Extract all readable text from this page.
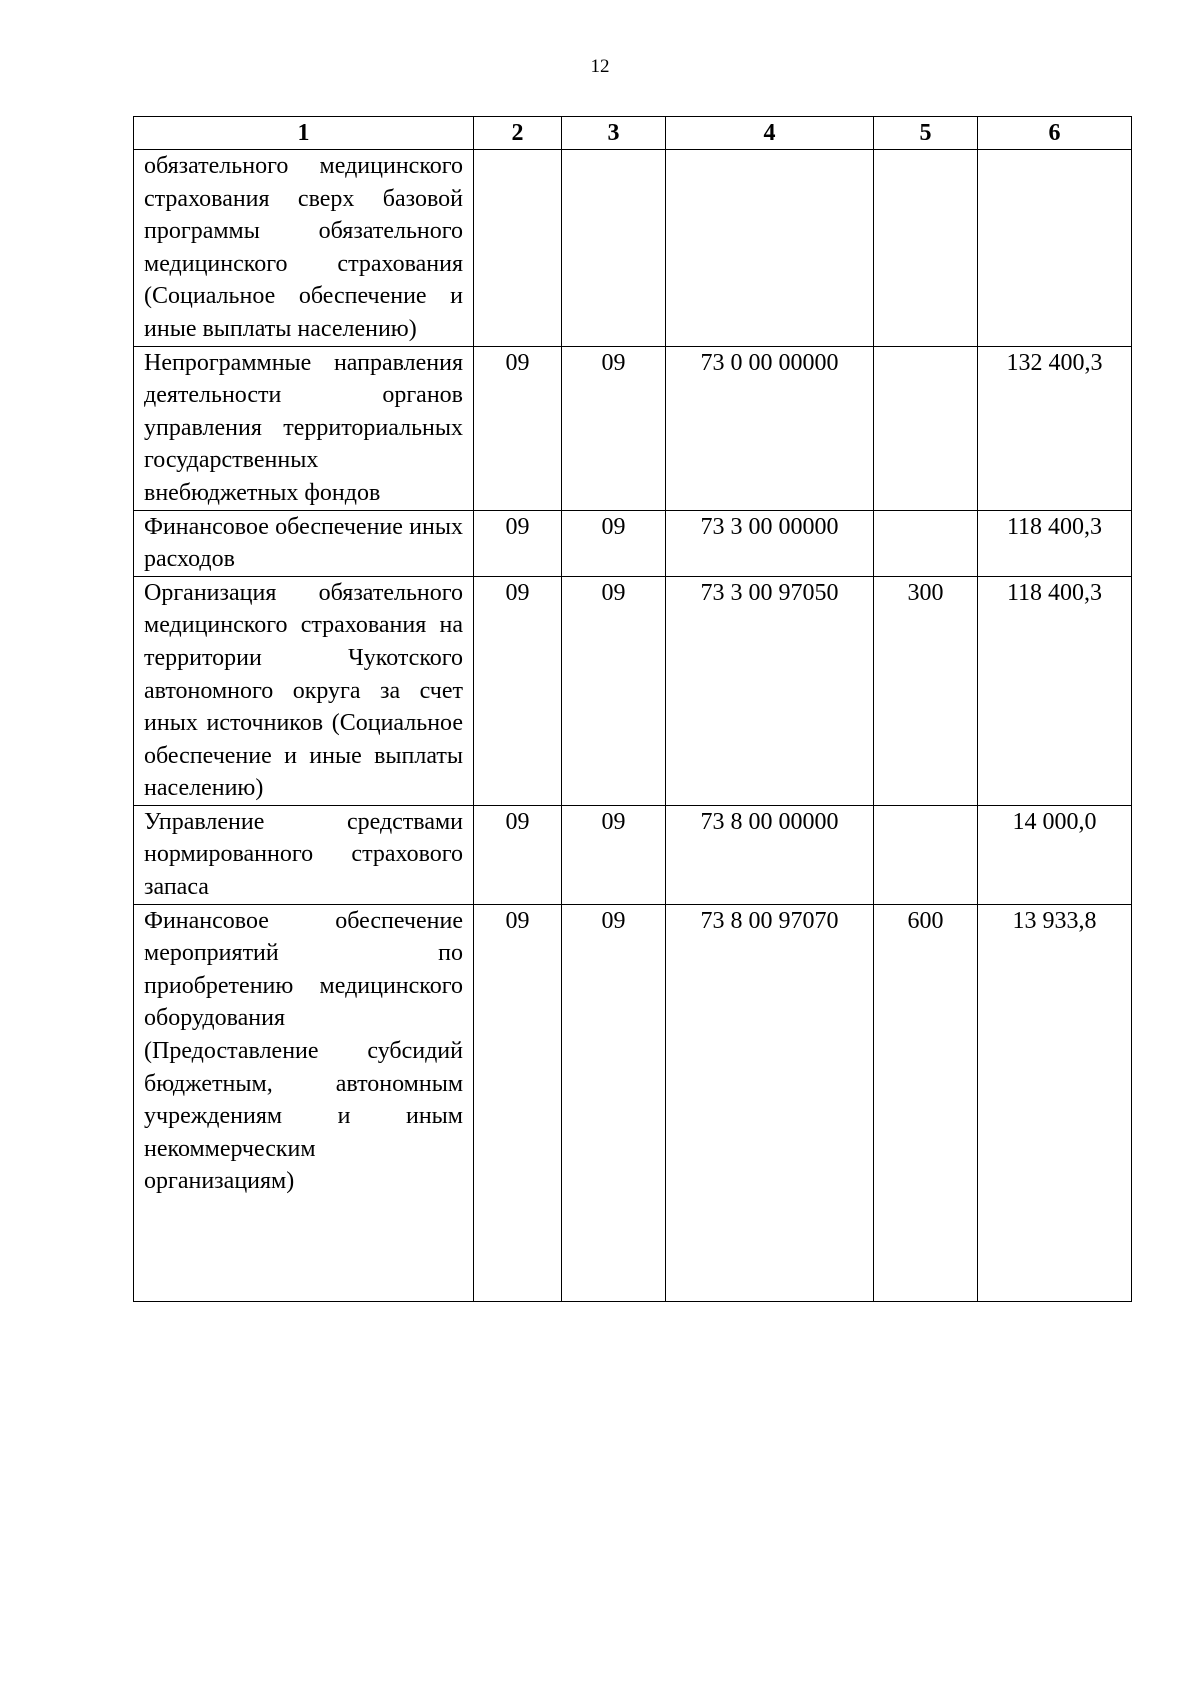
12
1	2	3	4	5	6
обязательного медицинского страхования сверх базовой программы обязательного медицинского страхования (Социальное обеспечение и иные выплаты населению)					
Непрограммные направления деятельности органов управления территориальных государственных внебюджетных фондов	09	09	73 0 00 00000		132 400,3
Финансовое обеспечение иных расходов	09	09	73 3 00 00000		118 400,3
Организация обязательного медицинского страхования на территории Чукотского автономного округа за счет иных источников (Социальное обеспечение и иные выплаты населению)	09	09	73 3 00 97050	300	118 400,3
Управление средствами нормированного страхового запаса	09	09	73 8 00 00000		14 000,0
Финансовое обеспечение мероприятий по приобретению медицинского оборудования (Предоставление субсидий бюджетным, автономным учреждениям и иным некоммерческим организациям)	09	09	73 8 00 97070	600	13 933,8
